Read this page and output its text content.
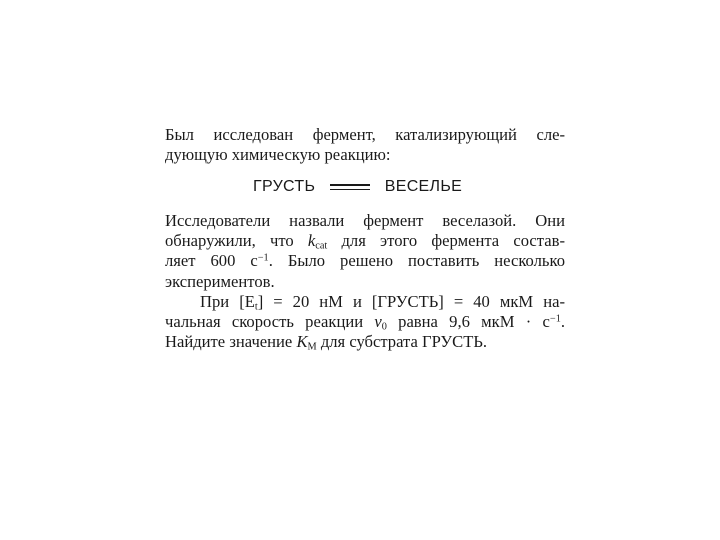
Был исследован фермент, катализирующий сле-
дующую химическую реакцию:
ГРУСТЬ	ВЕСЕЛЬЕ
Исследователи назвали фермент веселазой. Они
обнаружили, что $k_{cat}$ для этого фермента состав-
ляет 600 $с^{-1}$. Было решено поставить несколько
экспериментов.
При $[E_t] = 20$ нМ и [ГРУСТЬ] = 40 мкМ на-
чальная скорость реакции $v_0$ равна 9,6 мкМ · $с^{-1}$.
Найдите значение $K_M$ для субстрата ГРУСТЬ.
